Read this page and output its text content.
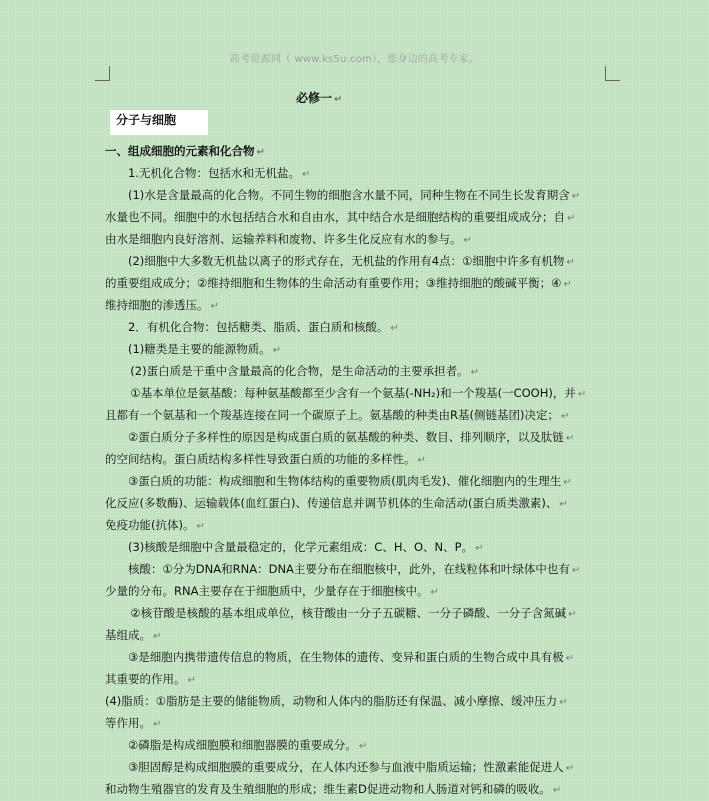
高考资源网（ www.ks5u.com），您身边的高考专家。
必修一 ↵
分子与细胞

一、组成细胞的元素和化合物 ↵

1.无机化合物：包括水和无机盐。 ↵

(1)水是含量最高的化合物。不同生物的细胞含水量不同，同种生物在不同生长发育期含 ↵

水量也不同。细胞中的水包括结合水和自由水，其中结合水是细胞结构的重要组成成分；自 ↵

由水是细胞内良好溶剂、运输养料和废物、许多生化反应有水的参与。 ↵

(2)细胞中大多数无机盐以离子的形式存在，无机盐的作用有4点：①细胞中许多有机物 ↵

的重要组成成分；②维持细胞和生物体的生命活动有重要作用；③维持细胞的酸碱平衡；④ ↵

维持细胞的渗透压。 ↵

2．有机化合物：包括糖类、脂质、蛋白质和核酸。 ↵

(1)糖类是主要的能源物质。 ↵

(2)蛋白质是干重中含量最高的化合物，是生命活动的主要承担者。 ↵

①基本单位是氨基酸：每种氨基酸都至少含有一个氨基(-NH₂)和一个羧基(一COOH)，并 ↵

且都有一个氨基和一个羧基连接在同一个碳原子上。氨基酸的种类由R基(侧链基团)决定； ↵

②蛋白质分子多样性的原因是构成蛋白质的氨基酸的种类、数目、排列顺序，以及肽链 ↵

的空间结构。蛋白质结构多样性导致蛋白质的功能的多样性。 ↵

③蛋白质的功能：构成细胞和生物体结构的重要物质(肌肉毛发)、催化细胞内的生理生 ↵

化反应(多数酶)、运输载体(血红蛋白)、传递信息并调节机体的生命活动(蛋白质类激素)、 ↵

免疫功能(抗体)。 ↵

(3)核酸是细胞中含量最稳定的，化学元素组成：C、H、O、N、P。 ↵

核酸：①分为DNA和RNA：DNA主要分布在细胞核中，此外，在线粒体和叶绿体中也有 ↵

少量的分布。RNA主要存在于细胞质中，少量存在于细胞核中。 ↵

②核苷酸是核酸的基本组成单位，核苷酸由一分子五碳糖、一分子磷酸、一分子含氮碱 ↵

基组成。 ↵

③是细胞内携带遗传信息的物质，在生物体的遗传、变异和蛋白质的生物合成中具有极 ↵

其重要的作用。 ↵

(4)脂质：①脂肪是主要的储能物质，动物和人体内的脂肪还有保温、减小摩擦、缓冲压力 ↵

等作用。 ↵

②磷脂是构成细胞膜和细胞器膜的重要成分。 ↵

③胆固醇是构成细胞膜的重要成分，在人体内还参与血液中脂质运输；性激素能促进人 ↵

和动物生殖器官的发育及生殖细胞的形成；维生素D促进动物和人肠道对钙和磷的吸收。 ↵
